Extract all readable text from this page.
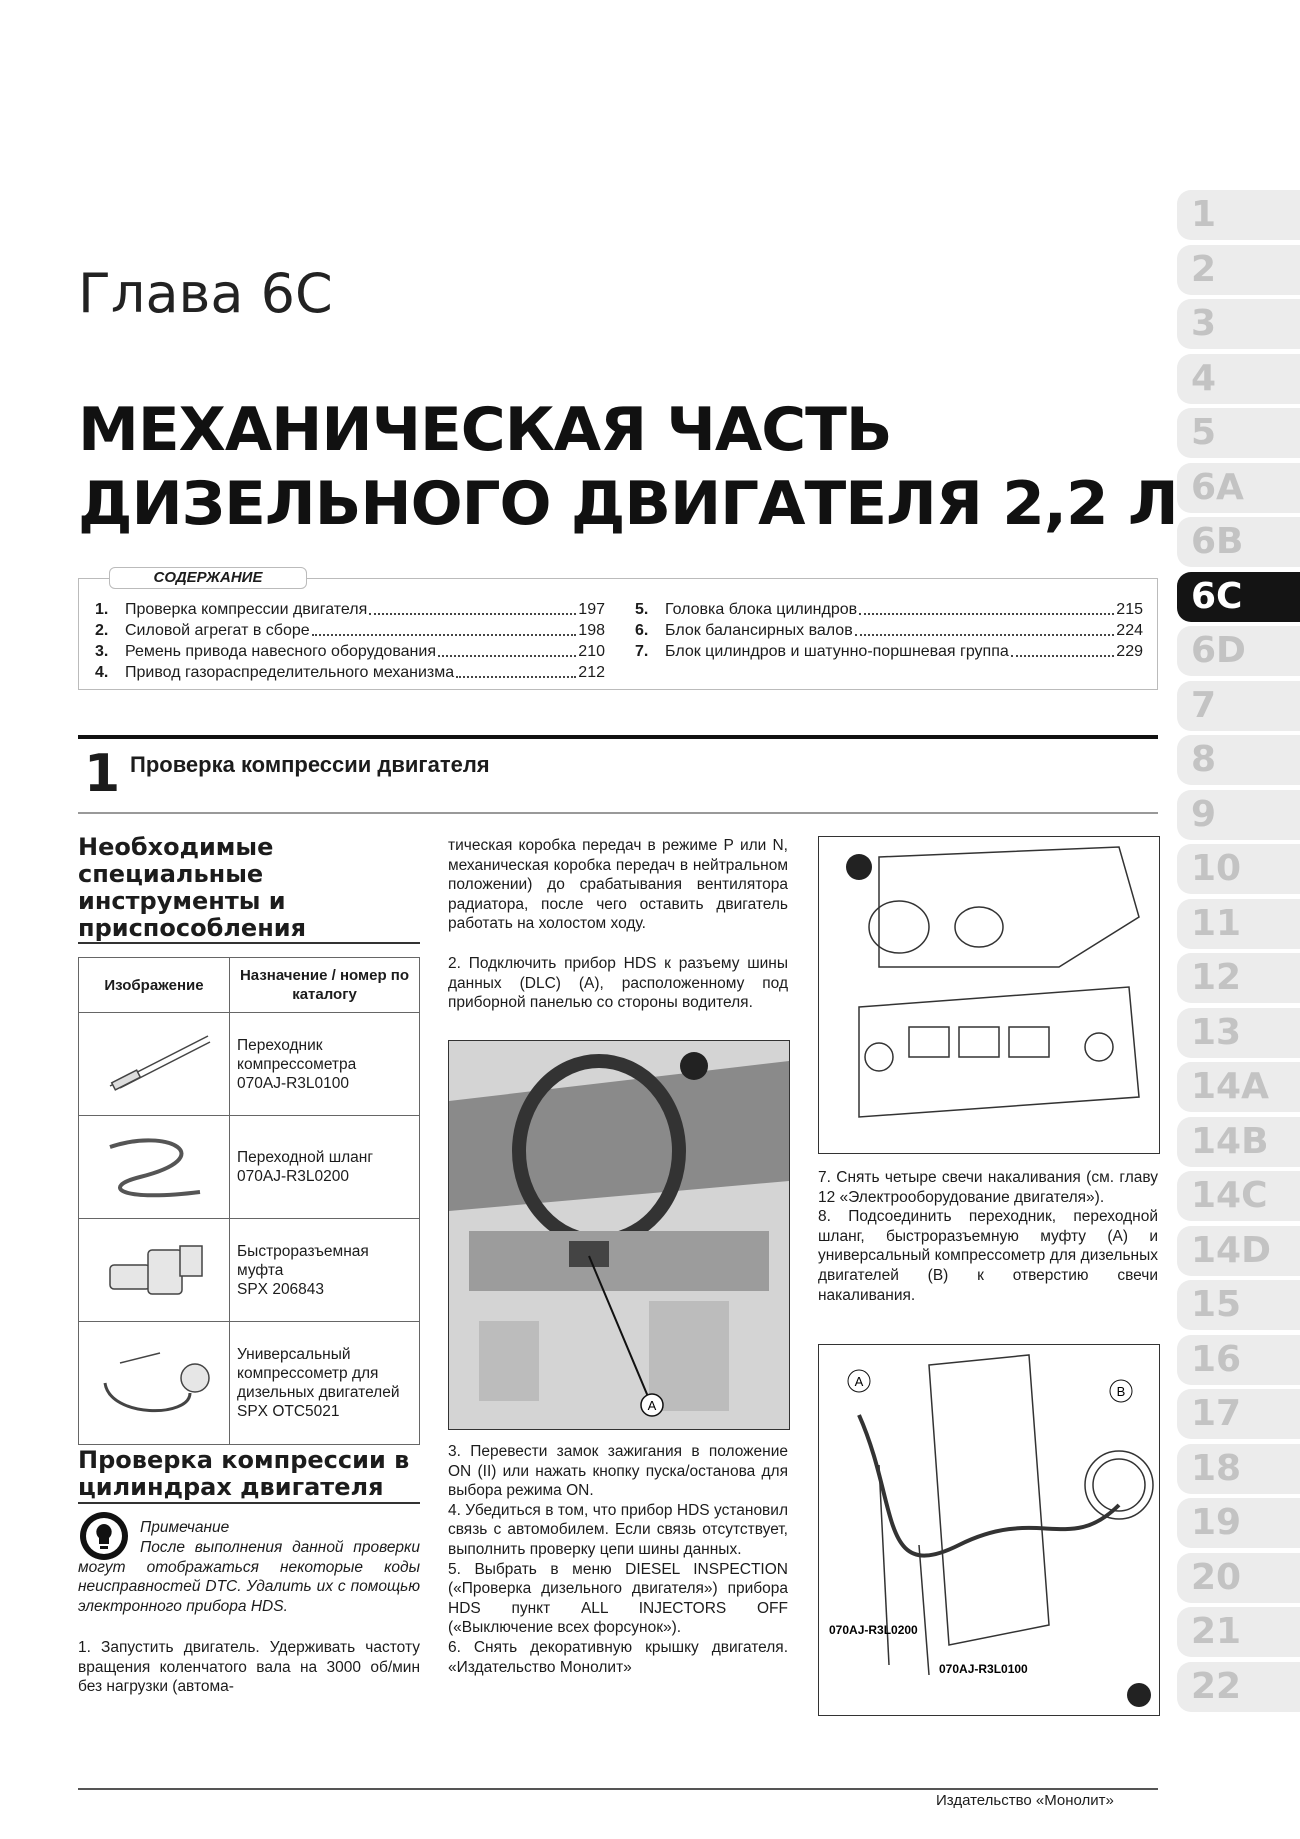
1
2
3
4
5
6A
6B
6C
6D
7
8
9
10
11
12
13
14A
14B
14C
14D
15
16
17
18
19
20
21
22
Глава 6С
МЕХАНИЧЕСКАЯ ЧАСТЬ
ДИЗЕЛЬНОГО ДВИГАТЕЛЯ 2,2 Л
СОДЕРЖАНИЕ
1.	Проверка компрессии двигателя	197
2.	Силовой агрегат в сборе	198
3.	Ремень привода навесного оборудования	210
4.	Привод газораспределительного механизма	212
5.	Головка блока цилиндров	215
6.	Блок балансирных валов	224
7.	Блок цилиндров и шатунно-поршневая группа	229
1 Проверка компрессии двигателя
Необходимые специальные инструменты и приспособления
Изображение	Назначение / номер по каталогу

Переходник компрессометра
070AJ-R3L0100

Переходной шланг
070AJ-R3L0200

Быстроразъемная муфта
SPX 206843

Универсальный компрессометр для дизельных двигателей
SPX OTC5021
Проверка компрессии в цилиндрах двигателя
Примечание
После выполнения данной проверки могут отображаться некоторые коды неисправностей DTC. Удалить их с помощью электронного прибора HDS.
1. Запустить двигатель. Удерживать частоту вращения коленчатого вала на 3000 об/мин без нагрузки (автома-
тическая коробка передач в режиме Р или N, механическая коробка передач в нейтральном положении) до срабатывания вентилятора радиатора, после чего оставить двигатель работать на холостом ходу.
2. Подключить прибор HDS к разъему шины данных (DLC) (А), расположенному под приборной панелью со стороны водителя.
A
3. Перевести замок зажигания в положение ON (II) или нажать кнопку пуска/останова для выбора режима ON.
4. Убедиться в том, что прибор HDS установил связь с автомобилем. Если связь отсутствует, выполнить проверку цепи шины данных.
5. Выбрать в меню DIESEL INSPECTION («Проверка дизельного двигателя») прибора HDS пункт ALL INJECTORS OFF («Выключение всех форсунок»).
6. Снять декоративную крышку двигателя. «Издательство Монолит»
7. Снять четыре свечи накаливания (см. главу 12 «Электрооборудование двигателя»).
8. Подсоединить переходник, переходной шланг, быстроразъемную муфту (А) и универсальный компрессометр для дизельных двигателей (В) к отверстию свечи накаливания.
A
B
070AJ-R3L0200
070AJ-R3L0100
Издательство «Монолит»
